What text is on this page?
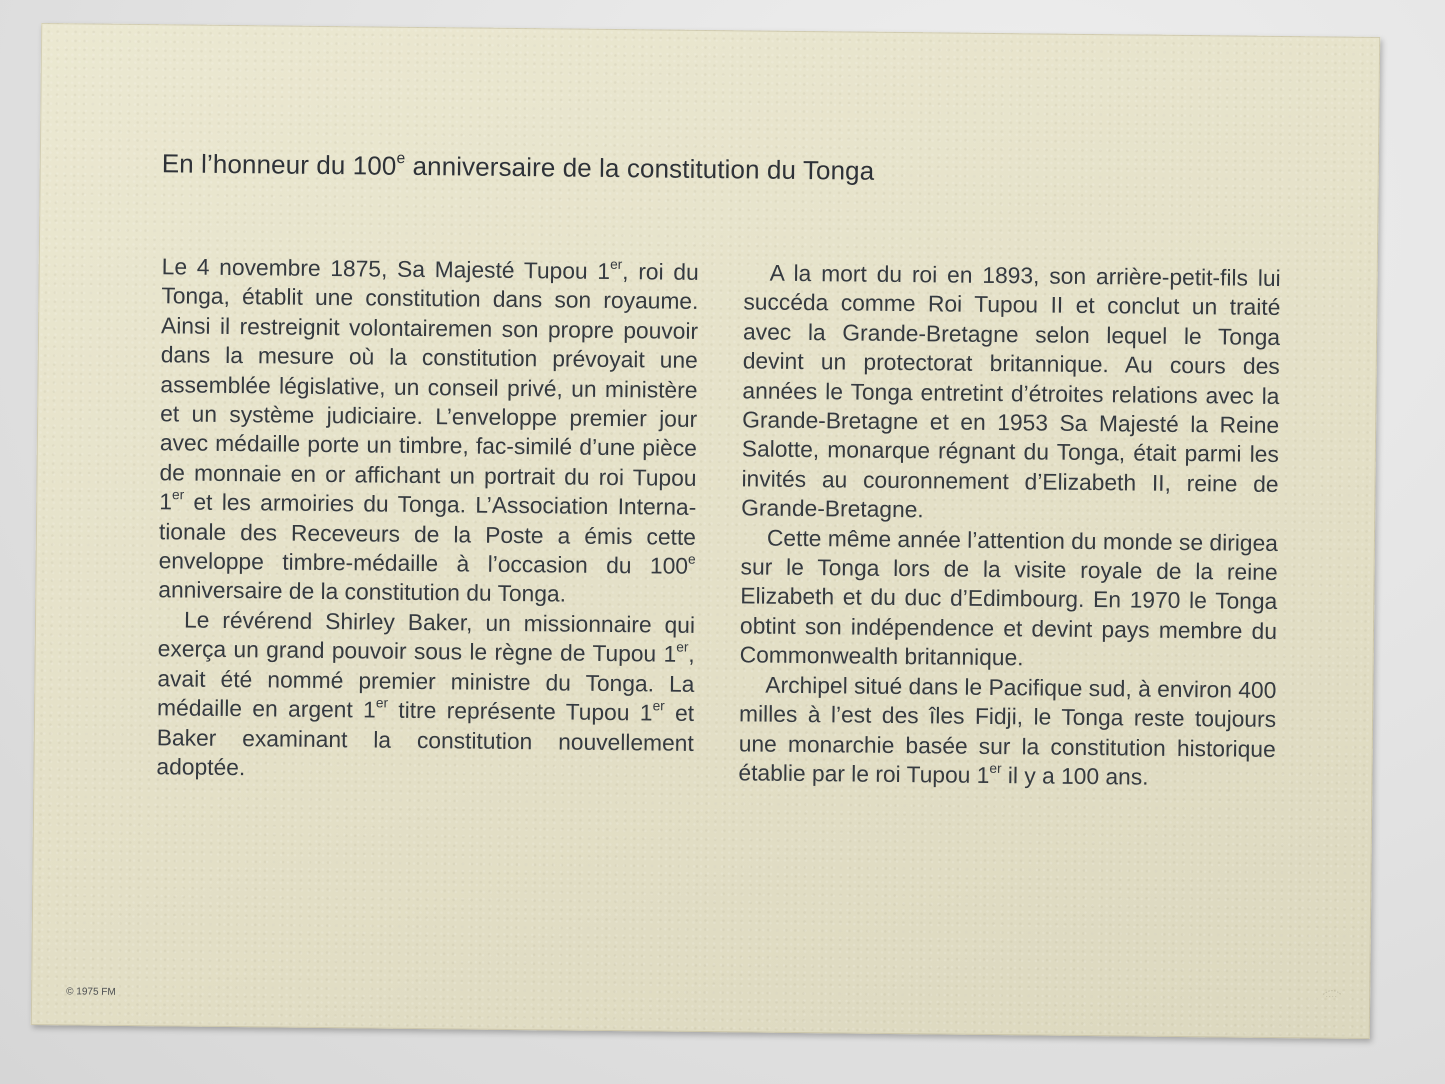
En l’honneur du 100e anniversaire de la constitution du Tonga

Le 4 novembre 1875, Sa Majesté Tupou 1er, roi du Tonga, établit une constitution dans son royaume. Ainsi il restreignit volontairemen son propre pouvoir dans la mesure où la constitution prévoyait une assemblée législative, un conseil privé, un ministère et un système judiciaire. L’enveloppe premier jour avec médaille porte un timbre, fac-similé d’une pièce de monnaie en or affichant un portrait du roi Tupou 1er et les armoiries du Tonga. L’Association Internationale des Receveurs de la Poste a émis cette enveloppe timbre-médaille à l’occasion du 100e anniversaire de la constitution du Tonga.

Le révérend Shirley Baker, un missionnaire qui exerça un grand pouvoir sous le règne de Tupou 1er, avait été nommé premier ministre du Tonga. La médaille en argent 1er titre représente Tupou 1er et Baker examinant la constitution nouvellement adoptée.

A la mort du roi en 1893, son arrière-petit-fils lui succéda comme Roi Tupou II et conclut un traité avec la Grande-Bretagne selon lequel le Tonga devint un protectorat britannique. Au cours des années le Tonga entretint d’étroites relations avec la Grande-Bretagne et en 1953 Sa Majesté la Reine Salotte, monarque régnant du Tonga, était parmi les invités au couronnement d’Elizabeth II, reine de Grande-Bretagne.

Cette même année l’attention du monde se dirigea sur le Tonga lors de la visite royale de la reine Elizabeth et du duc d’Edimbourg. En 1970 le Tonga obtint son indépendence et devint pays membre du Commonwealth britannique.

Archipel situé dans le Pacifique sud, à environ 400 milles à l’est des îles Fidji, le Tonga reste toujours une monarchie basée sur la constitution historique établie par le roi Tupou 1er il y a 100 ans.

© 1975 FM
